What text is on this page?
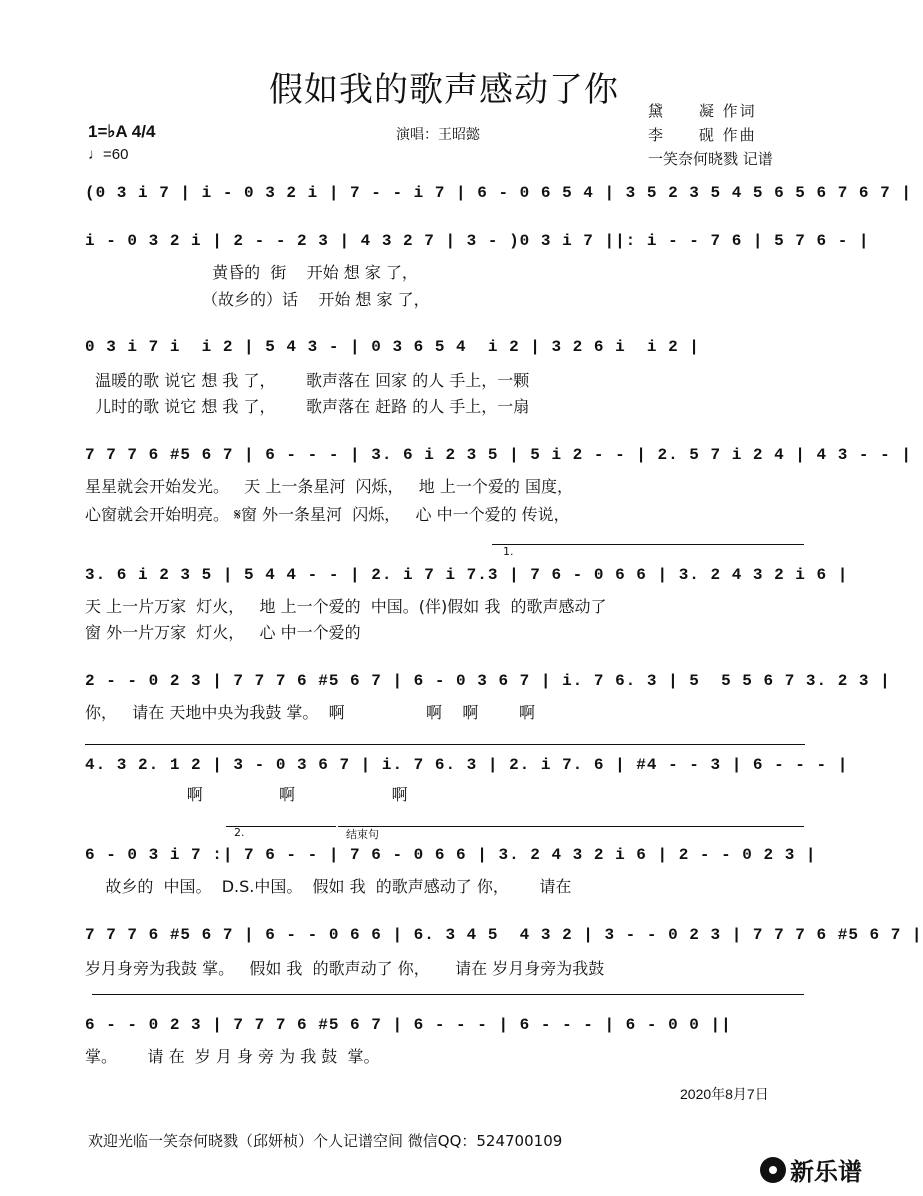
假如我的歌声感动了你
1=♭A 4/4
♩=60
演唱：王昭懿
黛     凝 作词
李     砚 作曲
一笑奈何晓戮 记谱
(0 3 i 7 | i - 0 3 2 i | 7 - - i 7 | 6 - 0 6 5 4 | 3 5 2 3 5 4 5 6 5 6 7 6 7 |
i - 0 3 2 i | 2 - - 2 3 | 4 3 2 7 | 3 - )0 3 i 7 ||: i - - 7 6 | 5 7 6 - |
黄昏的  街    开始 想 家 了，
（故乡的）话    开始 想 家 了，
0 3 i 7 i  i 2 | 5 4 3 - | 0 3 6 5 4  i 2 | 3 2 6 i  i 2 |
温暖的歌 说它 想 我 了，      歌声落在 回家 的人 手上，一颗
儿时的歌 说它 想 我 了，      歌声落在 赶路 的人 手上，一扇
7 7 7 6 #5 6 7 | 6 - - - | 3. 6 i 2 3 5 | 5 i 2 - - | 2. 5 7 i 2 4 | 4 3 - - |
星星就会开始发光。   天 上一条星河  闪烁，   地 上一个爱的 国度，
心窗就会开始明亮。 𝄋窗 外一条星河  闪烁，   心 中一个爱的 传说，
1.
3. 6 i 2 3 5 | 5 4 4 - - | 2. i 7 i 7.3 | 7 6 - 0 6 6 | 3. 2 4 3 2 i 6 |
天 上一片万家  灯火，   地 上一个爱的  中国。(伴)假如 我  的歌声感动了
窗 外一片万家  灯火，   心 中一个爱的
2 - - 0 2 3 | 7 7 7 6 #5 6 7 | 6 - 0 3 6 7 | i. 7 6. 3 | 5  5 5 6 7 3. 2 3 |
你，   请在 天地中央为我鼓 掌。  啊                啊    啊        啊
4. 3 2. 1 2 | 3 - 0 3 6 7 | i. 7 6. 3 | 2. i 7. 6 | #4 - - 3 | 6 - - - |
啊               啊                   啊
2.	结束句
6 - 0 3 i 7 :| 7 6 - - | 7 6 - 0 6 6 | 3. 2 4 3 2 i 6 | 2 - - 0 2 3 |
故乡的  中国。  D.S.中国。  假如 我  的歌声感动了 你，      请在
7 7 7 6 #5 6 7 | 6 - - 0 6 6 | 6. 3 4 5  4 3 2 | 3 - - 0 2 3 | 7 7 7 6 #5 6 7 |
岁月身旁为我鼓 掌。   假如 我  的歌声动了 你，     请在 岁月身旁为我鼓
6 - - 0 2 3 | 7 7 7 6 #5 6 7 | 6 - - - | 6 - - - | 6 - 0 0 ||
掌。      请 在  岁 月 身 旁 为 我 鼓  掌。
2020年8月7日
欢迎光临一笑奈何晓戮（邱妍桢）个人记谱空间 微信QQ：524700109
新乐谱
